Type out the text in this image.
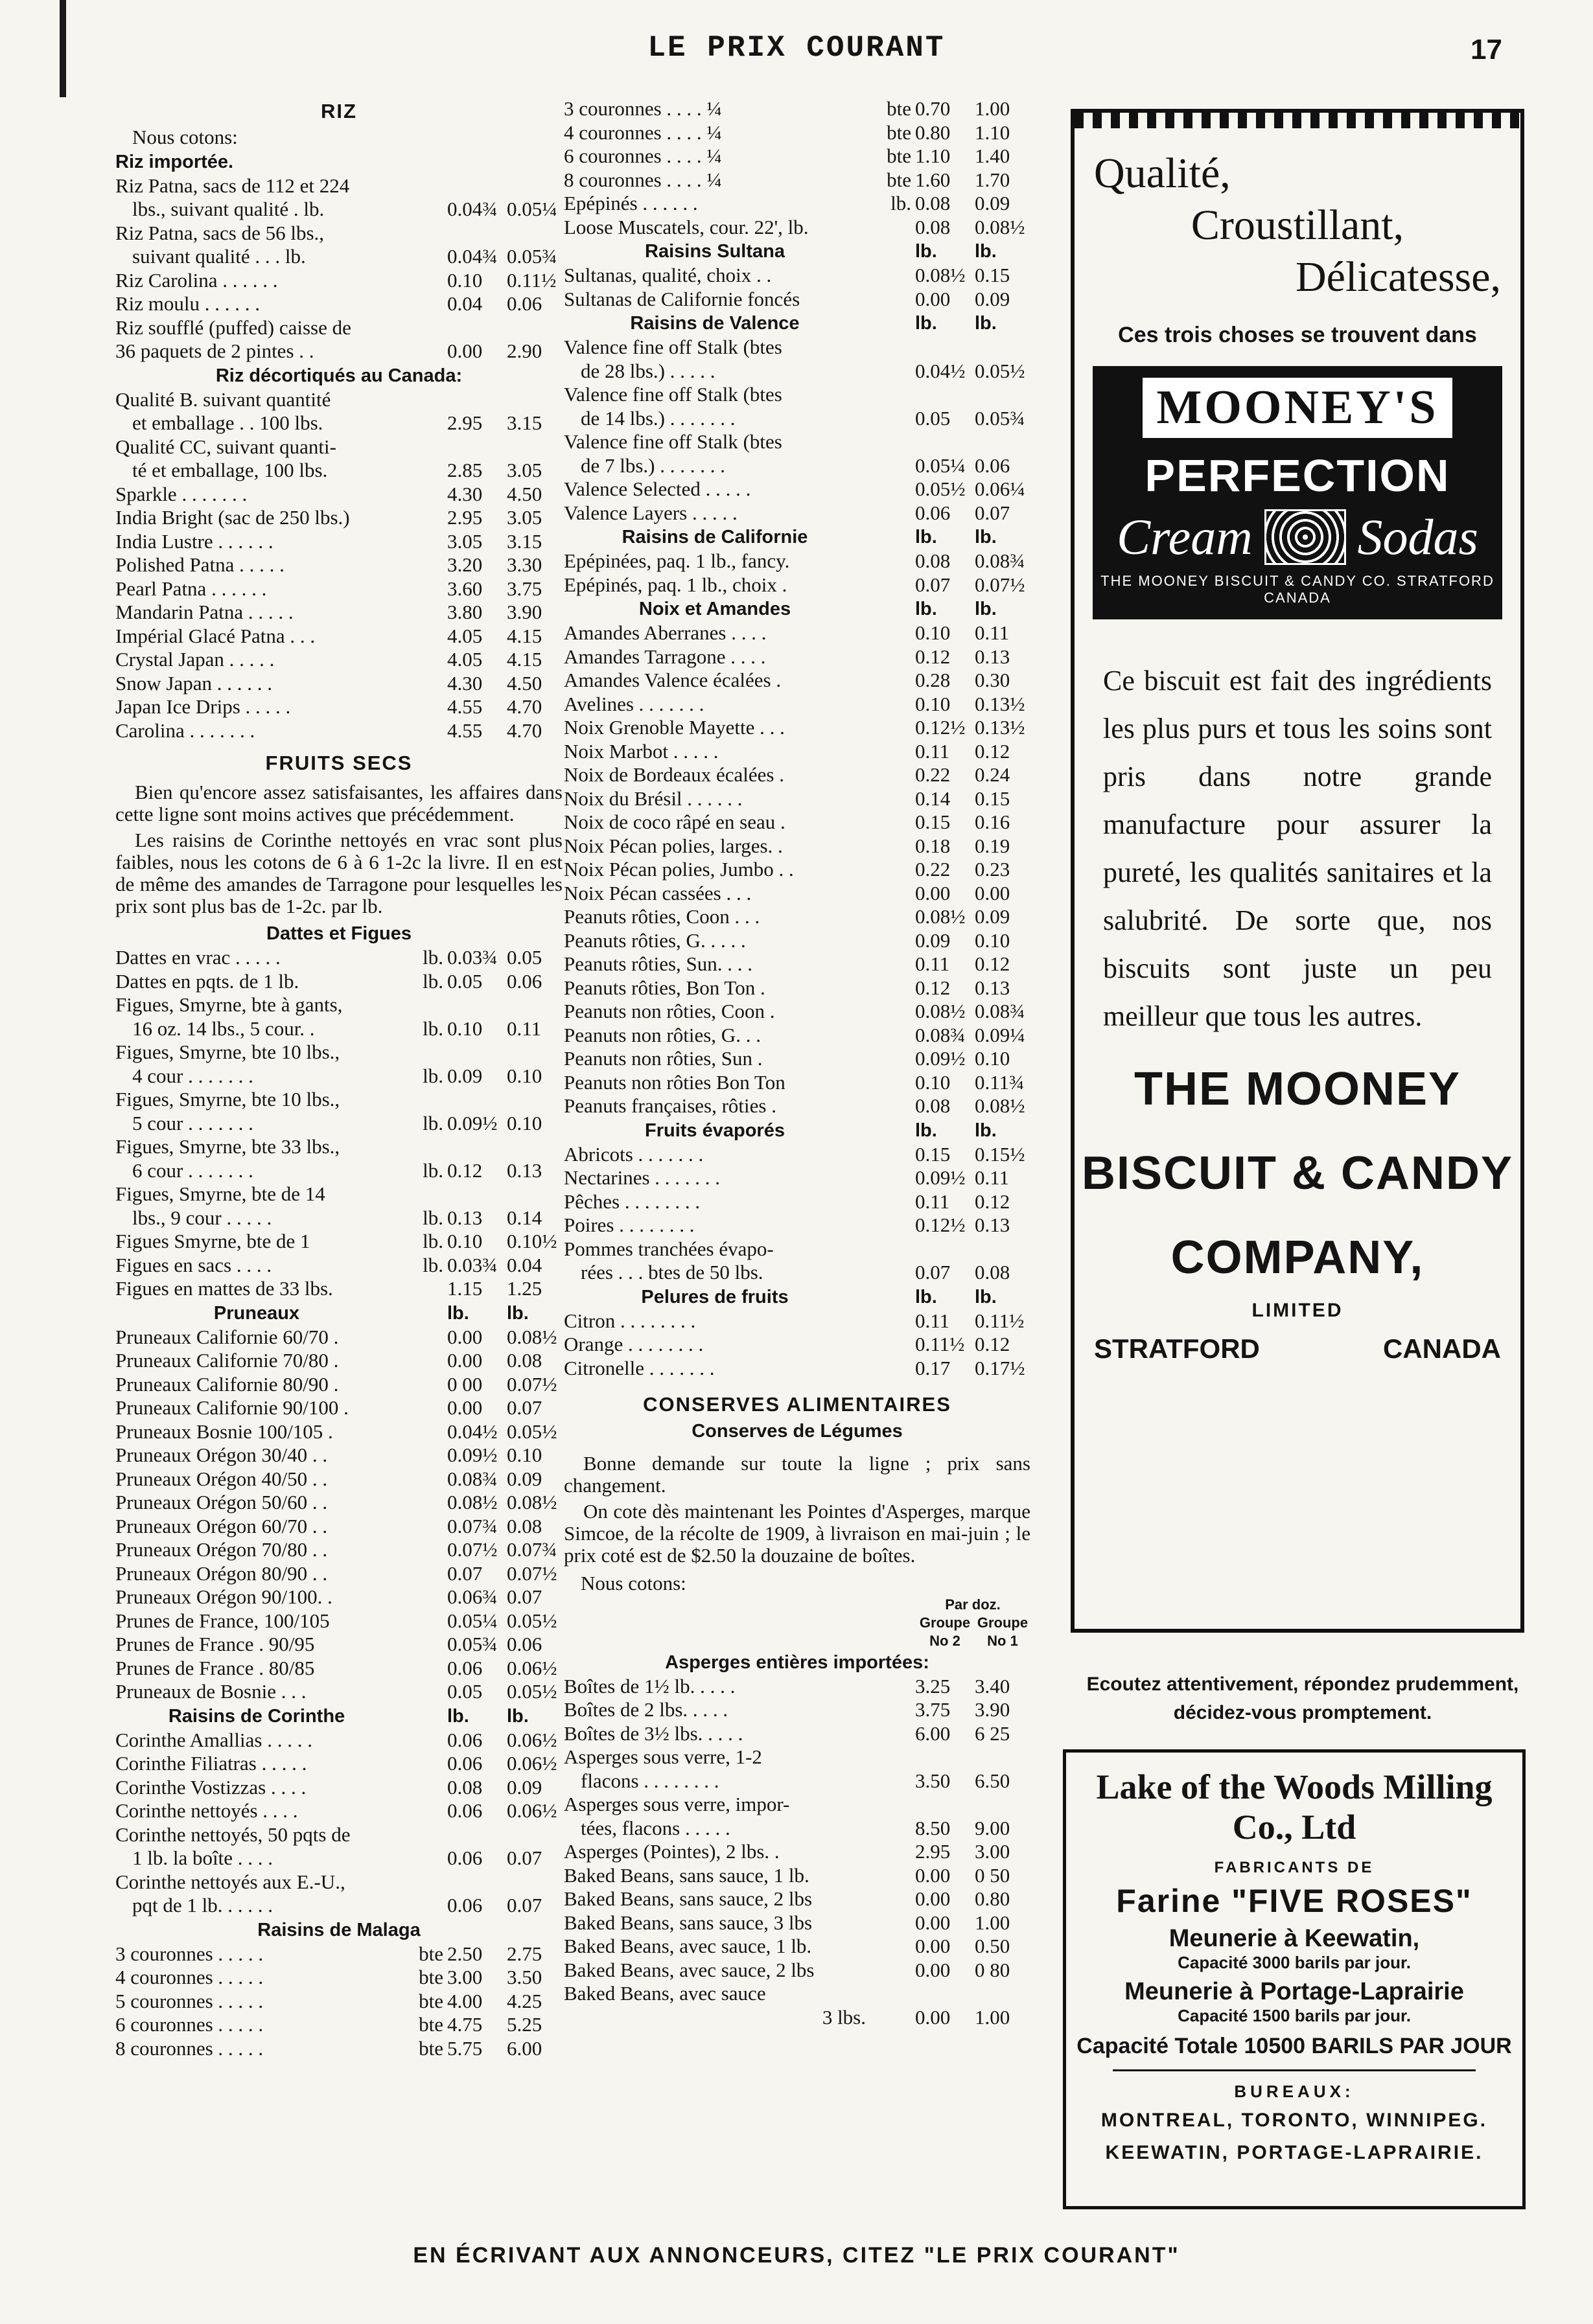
LE PRIX COURANT	17
RIZ
Nous cotons:
Riz importée.
Riz Patna, sacs de 112 et 224
lbs., suivant qualité . lb.	0.04¾ 0.05¼
Riz Patna, sacs de 56 lbs.,
suivant qualité . . . lb.	0.04¾ 0.05¾
Riz Carolina . . . . . .	0.10	0.11½
Riz moulu . . . . . .	0.04	0.06
Riz soufflé (puffed) caisse de
36 paquets de 2 pintes . .	0.00	2.90
Riz décortiqués au Canada:
Qualité B. suivant quantité
et emballage . . 100 lbs.	2.95	3.15
Qualité CC, suivant quanti-
té et emballage, 100 lbs.	2.85	3.05
Sparkle . . . . . . .	4.30	4.50
India Bright (sac de 250 lbs.)	2.95	3.05
India Lustre . . . . . .	3.05	3.15
Polished Patna . . . . .	3.20	3.30
Pearl Patna . . . . . .	3.60	3.75
Mandarin Patna . . . . .	3.80	3.90
Impérial Glacé Patna . . .	4.05	4.15
Crystal Japan . . . . .	4.05	4.15
Snow Japan . . . . . .	4.30	4.50
Japan Ice Drips . . . . .	4.55	4.70
Carolina . . . . . . .	4.55	4.70
FRUITS SECS
Bien qu'encore assez satisfaisantes, les affaires dans cette ligne sont moins actives que précédemment.
Les raisins de Corinthe nettoyés en vrac sont plus faibles, nous les cotons de 6 à 6 1-2c la livre. Il en est de même des amandes de Tarragone pour lesquelles les prix sont plus bas de 1-2c. par lb.
Dattes et Figues
Dattes en vrac . . . . .	lb. 0.03¾ 0.05
Dattes en pqts. de 1 lb.	lb. 0.05	0.06
Figues, Smyrne, bte à gants,
16 oz. 14 lbs., 5 cour. .	lb. 0.10	0.11
Figues, Smyrne, bte 10 lbs.,
4 cour . . . . . . .	lb. 0.09	0.10
Figues, Smyrne, bte 10 lbs.,
5 cour . . . . . . .	lb. 0.09½ 0.10
Figues, Smyrne, bte 33 lbs.,
6 cour . . . . . . .	lb. 0.12	0.13
Figues, Smyrne, bte de 14
lbs., 9 cour . . . . .	lb. 0.13	0.14
Figues Smyrne, bte de 1	lb. 0.10	0.10½
Figues en sacs . . . .	lb. 0.03¾ 0.04
Figues en mattes de 33 lbs.	1.15	1.25
Pruneaux	lb.	lb.
Pruneaux Californie 60/70 .	0.00	0.08½
Pruneaux Californie 70/80 .	0.00	0.08
Pruneaux Californie 80/90 .	0 00	0.07½
Pruneaux Californie 90/100 .	0.00	0.07
Pruneaux Bosnie 100/105 .	0.04½ 0.05½
Pruneaux Orégon 30/40 . .	0.09½ 0.10
Pruneaux Orégon 40/50 . .	0.08¾ 0.09
Pruneaux Orégon 50/60 . .	0.08½ 0.08½
Pruneaux Orégon 60/70 . .	0.07¾ 0.08
Pruneaux Orégon 70/80 . .	0.07½ 0.07¾
Pruneaux Orégon 80/90 . .	0.07	0.07½
Pruneaux Orégon 90/100. .	0.06¾ 0.07
Prunes de France, 100/105	0.05¼ 0.05½
Prunes de France . 90/95	0.05¾ 0.06
Prunes de France . 80/85	0.06	0.06½
Pruneaux de Bosnie . . .	0.05	0.05½
Raisins de Corinthe	lb.	lb.
Corinthe Amallias . . . . .	0.06	0.06½
Corinthe Filiatras . . . . .	0.06	0.06½
Corinthe Vostizzas . . . .	0.08	0.09
Corinthe nettoyés . . . .	0.06	0.06½
Corinthe nettoyés, 50 pqts de
1 lb. la boîte . . . .	0.06	0.07
Corinthe nettoyés aux E.-U.,
pqt de 1 lb. . . . . .	0.06	0.07
Raisins de Malaga
3 couronnes . . . . .	bte 2.50	2.75
4 couronnes . . . . .	bte 3.00	3.50
5 couronnes . . . . .	bte 4.00	4.25
6 couronnes . . . . .	bte 4.75	5.25
8 couronnes . . . . .	bte 5.75	6.00
3 couronnes . . . . ¼	bte 0.70	1.00
4 couronnes . . . . ¼	bte 0.80	1.10
6 couronnes . . . . ¼	bte 1.10	1.40
8 couronnes . . . . ¼	bte 1.60	1.70
Epépinés . . . . . .	lb. 0.08	0.09
Loose Muscatels, cour. 22', lb.	0.08	0.08½
Raisins Sultana	lb.	lb.
Sultanas, qualité, choix . .	0.08½ 0.15
Sultanas de Californie foncés	0.00	0.09
Raisins de Valence	lb.	lb.
Valence fine off Stalk (btes
de 28 lbs.) . . . . .	0.04½ 0.05½
Valence fine off Stalk (btes
de 14 lbs.) . . . . . . .	0.05	0.05¾
Valence fine off Stalk (btes
de 7 lbs.) . . . . . . .	0.05¼ 0.06
Valence Selected . . . . .	0.05½ 0.06¼
Valence Layers . . . . .	0.06	0.07
Raisins de Californie	lb.	lb.
Epépinées, paq. 1 lb., fancy.	0.08	0.08¾
Epépinés, paq. 1 lb., choix .	0.07	0.07½
Noix et Amandes	lb.	lb.
Amandes Aberranes . . . .	0.10	0.11
Amandes Tarragone . . . .	0.12	0.13
Amandes Valence écalées .	0.28	0.30
Avelines . . . . . . .	0.10	0.13½
Noix Grenoble Mayette . . .	0.12½ 0.13½
Noix Marbot . . . . .	0.11	0.12
Noix de Bordeaux écalées .	0.22	0.24
Noix du Brésil . . . . . .	0.14	0.15
Noix de coco râpé en seau .	0.15	0.16
Noix Pécan polies, larges. .	0.18	0.19
Noix Pécan polies, Jumbo . .	0.22	0.23
Noix Pécan cassées . . .	0.00	0.00
Peanuts rôties, Coon . . .	0.08½ 0.09
Peanuts rôties, G. . . . .	0.09	0.10
Peanuts rôties, Sun. . . .	0.11	0.12
Peanuts rôties, Bon Ton .	0.12	0.13
Peanuts non rôties, Coon .	0.08½ 0.08¾
Peanuts non rôties, G. . .	0.08¾ 0.09¼
Peanuts non rôties, Sun .	0.09½ 0.10
Peanuts non rôties Bon Ton	0.10	0.11¾
Peanuts françaises, rôties .	0.08	0.08½
Fruits évaporés	lb.	lb.
Abricots . . . . . . .	0.15	0.15½
Nectarines . . . . . . .	0.09½ 0.11
Pêches . . . . . . . .	0.11	0.12
Poires . . . . . . . .	0.12½ 0.13
Pommes tranchées évapo-
rées . . . btes de 50 lbs.	0.07	0.08
Pelures de fruits	lb.	lb.
Citron . . . . . . . .	0.11	0.11½
Orange . . . . . . . .	0.11½ 0.12
Citronelle . . . . . . .	0.17	0.17½
CONSERVES ALIMENTAIRES
Conserves de Légumes
Bonne demande sur toute la ligne ; prix sans changement.
On cote dès maintenant les Pointes d'Asperges, marque Simcoe, de la récolte de 1909, à livraison en mai-juin ; le prix coté est de $2.50 la douzaine de boîtes.
Nous cotons:
Par doz.
Groupe Groupe
No 2	No 1
Asperges entières importées:
Boîtes de 1½ lb. . . . .	3.25	3.40
Boîtes de 2 lbs. . . . .	3.75	3.90
Boîtes de 3½ lbs. . . . .	6.00	6 25
Asperges sous verre, 1-2
flacons . . . . . . . .	3.50	6.50
Asperges sous verre, impor-
tées, flacons . . . . .	8.50	9.00
Asperges (Pointes), 2 lbs. .	2.95	3.00
Baked Beans, sans sauce, 1 lb.	0.00	0 50
Baked Beans, sans sauce, 2 lbs	0.00	0.80
Baked Beans, sans sauce, 3 lbs	0.00	1.00
Baked Beans, avec sauce, 1 lb.	0.00	0.50
Baked Beans, avec sauce, 2 lbs	0.00	0 80
Baked Beans, avec sauce
3 lbs. 0.00	1.00
Qualité,
Croustillant,
Délicatesse,
Ces trois choses se trouvent dans
MOONEY'S
PERFECTION
Cream Sodas
THE MOONEY BISCUIT & CANDY CO. STRATFORD CANADA
Ce biscuit est fait des ingrédients les plus purs et tous les soins sont pris dans notre grande manufacture pour assurer la pureté, les qualités sanitaires et la salubrité. De sorte que, nos biscuits sont juste un peu meilleur que tous les autres.
THE MOONEY
BISCUIT & CANDY
COMPANY,
LIMITED
STRATFORD	CANADA
Ecoutez attentivement, répondez prudemment, décidez-vous promptement.
Lake of the Woods Milling Co., Ltd
FABRICANTS DE
Farine "FIVE ROSES"
Meunerie à Keewatin,
Capacité 3000 barils par jour.
Meunerie à Portage-Laprairie
Capacité 1500 barils par jour.
Capacité Totale 10500 BARILS PAR JOUR
BUREAUX:
MONTREAL, TORONTO, WINNIPEG.
KEEWATIN, PORTAGE-LAPRAIRIE.
EN ÉCRIVANT AUX ANNONCEURS, CITEZ "LE PRIX COURANT"
